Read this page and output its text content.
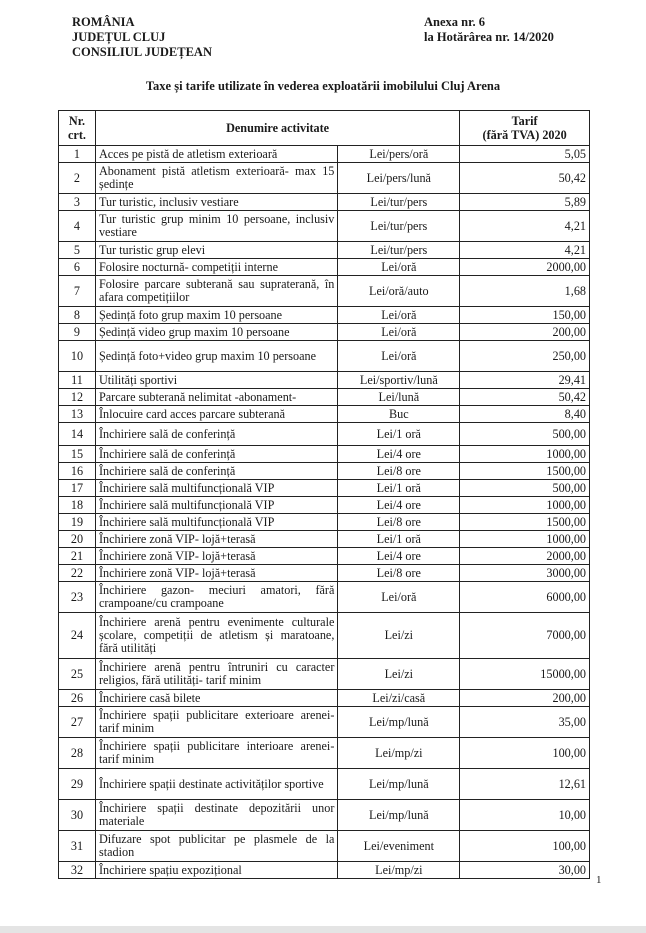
ROMÂNIA
JUDEȚUL CLUJ
CONSILIUL JUDEȚEAN
Anexa nr. 6
la Hotărârea nr. 14/2020
Taxe și tarife utilizate în vederea exploatării imobilului Cluj Arena
Nr.
crt.	Denumire activitate	Tarif
(fără TVA) 2020

1	Acces pe pistă de atletism exterioară	Lei/pers/oră	5,05
2	Abonament pistă atletism exterioară- max 15 ședințe	Lei/pers/lună	50,42
3	Tur turistic, inclusiv vestiare	Lei/tur/pers	5,89
4	Tur turistic grup minim 10 persoane, inclusiv vestiare	Lei/tur/pers	4,21
5	Tur turistic grup elevi	Lei/tur/pers	4,21
6	Folosire nocturnă- competiții interne	Lei/oră	2000,00
7	Folosire parcare subterană sau supraterană, în afara competițiilor	Lei/oră/auto	1,68
8	Ședință foto grup maxim 10 persoane	Lei/oră	150,00
9	Ședință video grup maxim 10 persoane	Lei/oră	200,00
10	Ședință foto+video grup maxim 10 persoane	Lei/oră	250,00
11	Utilități sportivi	Lei/sportiv/lună	29,41
12	Parcare subterană nelimitat -abonament-	Lei/lună	50,42
13	Înlocuire card acces parcare subterană	Buc	8,40
14	Închiriere sală de conferință	Lei/1 oră	500,00
15	Închiriere sală de conferință	Lei/4 ore	1000,00
16	Închiriere sală de conferință	Lei/8 ore	1500,00
17	Închiriere sală multifuncțională VIP	Lei/1 oră	500,00
18	Închiriere sală multifuncțională VIP	Lei/4 ore	1000,00
19	Închiriere sală multifuncțională VIP	Lei/8 ore	1500,00
20	Închiriere zonă VIP- lojă+terasă	Lei/1 oră	1000,00
21	Închiriere zonă VIP- lojă+terasă	Lei/4 ore	2000,00
22	Închiriere zonă VIP- lojă+terasă	Lei/8 ore	3000,00
23	Închiriere gazon- meciuri amatori, fără crampoane/cu crampoane	Lei/oră	6000,00
24	Închiriere arenă pentru evenimente culturale școlare, competiții de atletism și maratoane, fără utilități	Lei/zi	7000,00
25	Închiriere arenă pentru întruniri cu caracter religios, fără utilități- tarif minim	Lei/zi	15000,00
26	Închiriere casă bilete	Lei/zi/casă	200,00
27	Închiriere spații publicitare exterioare arenei- tarif minim	Lei/mp/lună	35,00
28	Închiriere spații publicitare interioare arenei- tarif minim	Lei/mp/zi	100,00
29	Închiriere spații destinate activităților sportive	Lei/mp/lună	12,61
30	Închiriere spații destinate depozitării unor materiale	Lei/mp/lună	10,00
31	Difuzare spot publicitar pe plasmele de la stadion	Lei/eveniment	100,00
32	Închiriere spațiu expozițional	Lei/mp/zi	30,00
1
